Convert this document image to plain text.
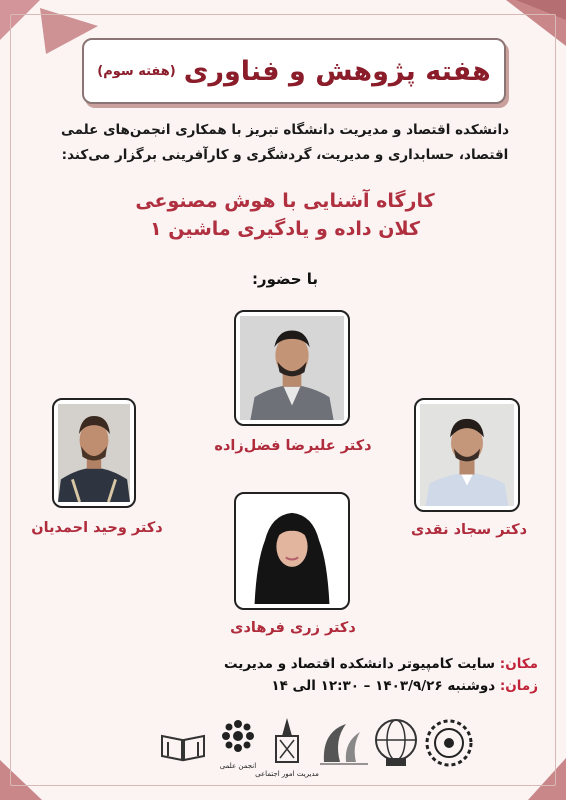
هفته پژوهش و فناوری
(هفته سوم)
دانشکده اقتصاد و مدیریت دانشگاه تبریز با همکاری انجمن‌های علمی
اقتصاد، حسابداری و مدیریت، گردشگری و کارآفرینی برگزار می‌کند:
کارگاه آشنایی با هوش مصنوعی
کلان داده و یادگیری ماشین ۱
با حضور:
دکتر علیرضا فضل‌زاده
دکتر وحید احمدیان	دکتر سجاد نقدی
دکتر زری فرهادی
مکان: سایت کامپیوتر دانشکده اقتصاد و مدیریت
زمان: دوشنبه ۱۴۰۳/۹/۲۶ – ۱۲:۳۰ الی ۱۴
مدیریت امور اجتماعی
انجمن علمی
